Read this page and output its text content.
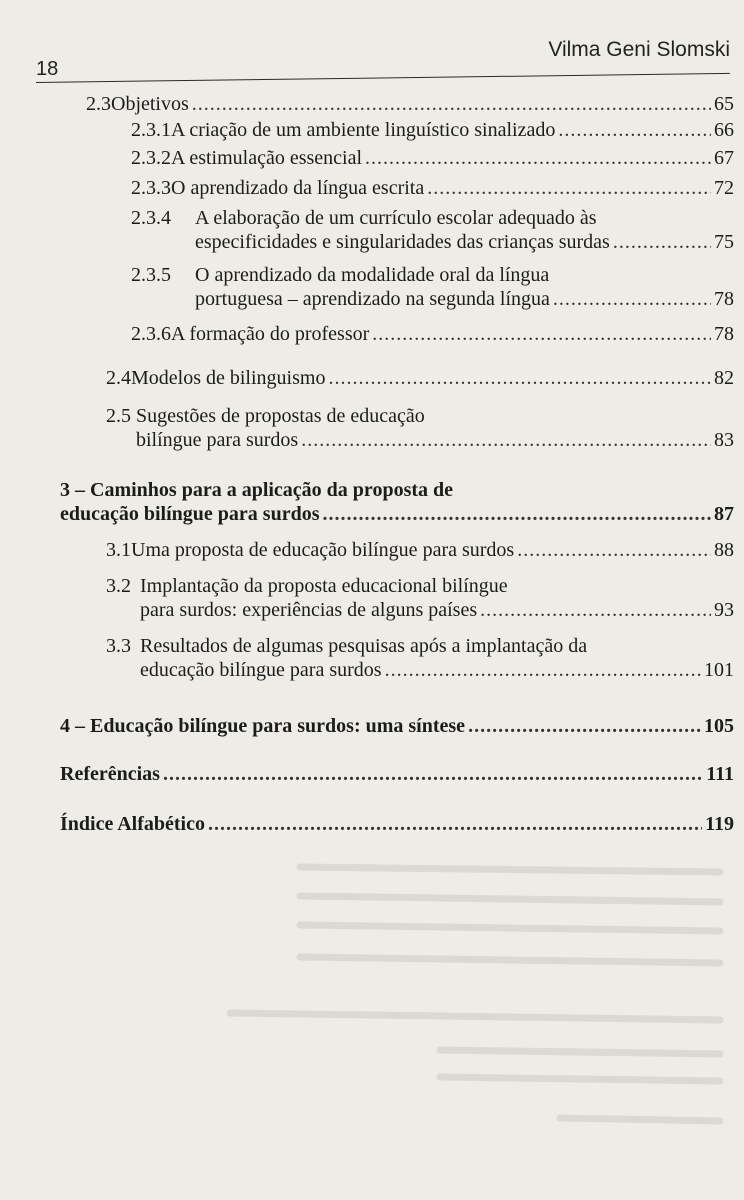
18
Vilma Geni Slomski
2.3 Objetivos .....	65
2.3.1 A criação de um ambiente linguístico sinalizado .....	66
2.3.2 A estimulação essencial .....	67
2.3.3 O aprendizado da língua escrita .....	72
2.3.4	A elaboração de um currículo escolar adequado às
especificidades e singularidades das crianças surdas .....	75
2.3.5	O aprendizado da modalidade oral da língua
portuguesa – aprendizado na segunda língua .....	78
2.3.6 A formação do professor .....	78
2.4 Modelos de bilinguismo .....	82
2.5 Sugestões de propostas de educação
bilíngue para surdos .....	83
3 – Caminhos para a aplicação da proposta de
educação bilíngue para surdos .....	87
3.1 Uma proposta de educação bilíngue para surdos .....	88
3.2 Implantação da proposta educacional bilíngue
para surdos: experiências de alguns países .....	93
3.3 Resultados de algumas pesquisas após a implantação da
educação bilíngue para surdos .....	101
4 – Educação bilíngue para surdos: uma síntese .....	105
Referências .....	111
Índice Alfabético .....	119
